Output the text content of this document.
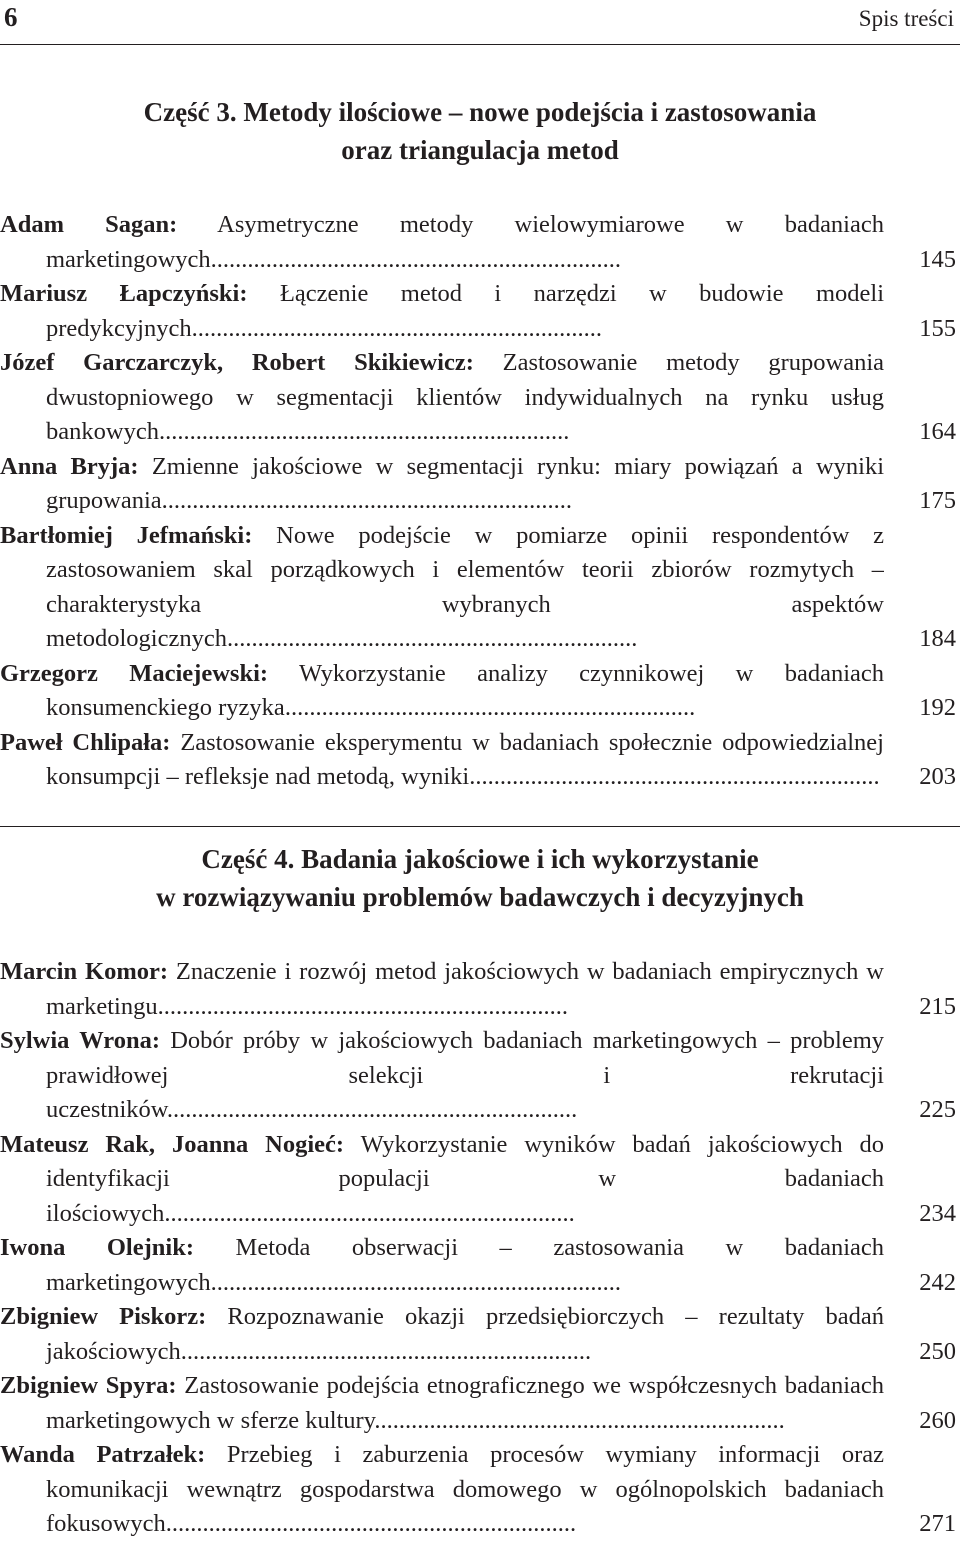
6	Spis treści
Część 3. Metody ilościowe – nowe podejścia i zastosowania
oraz triangulacja metod
Adam Sagan: Asymetryczne metody wielowymiarowe w badaniach marketingowych...................................................................	145
Mariusz Łapczyński: Łączenie metod i narzędzi w budowie modeli predykcyjnych...................................................................	155
Józef Garczarczyk, Robert Skikiewicz: Zastosowanie metody grupowania dwustopniowego w segmentacji klientów indywidualnych na rynku usług bankowych...................................................................	164
Anna Bryja: Zmienne jakościowe w segmentacji rynku: miary powiązań a wyniki grupowania...................................................................	175
Bartłomiej Jefmański: Nowe podejście w pomiarze opinii respondentów z zastosowaniem skal porządkowych i elementów teorii zbiorów rozmytych – charakterystyka wybranych aspektów metodologicznych...................................................................	184
Grzegorz Maciejewski: Wykorzystanie analizy czynnikowej w badaniach konsumenckiego ryzyka...................................................................	192
Paweł Chlipała: Zastosowanie eksperymentu w badaniach społecznie odpowiedzialnej konsumpcji – refleksje nad metodą, wyniki................................................................... 203
Część 4. Badania jakościowe i ich wykorzystanie
w rozwiązywaniu problemów badawczych i decyzyjnych
Marcin Komor: Znaczenie i rozwój metod jakościowych w badaniach empirycznych w marketingu...................................................................	215
Sylwia Wrona: Dobór próby w jakościowych badaniach marketingowych – problemy prawidłowej selekcji i rekrutacji uczestników...................................................................	225
Mateusz Rak, Joanna Nogieć: Wykorzystanie wyników badań jakościowych do identyfikacji populacji w badaniach ilościowych...................................................................	234
Iwona Olejnik: Metoda obserwacji – zastosowania w badaniach marketingowych...................................................................	242
Zbigniew Piskorz: Rozpoznawanie okazji przedsiębiorczych – rezultaty badań jakościowych...................................................................	250
Zbigniew Spyra: Zastosowanie podejścia etnograficznego we współczesnych badaniach marketingowych w sferze kultury...................................................................	260
Wanda Patrzałek: Przebieg i zaburzenia procesów wymiany informacji oraz komunikacji wewnątrz gospodarstwa domowego w ogólnopolskich badaniach fokusowych...................................................................	271
